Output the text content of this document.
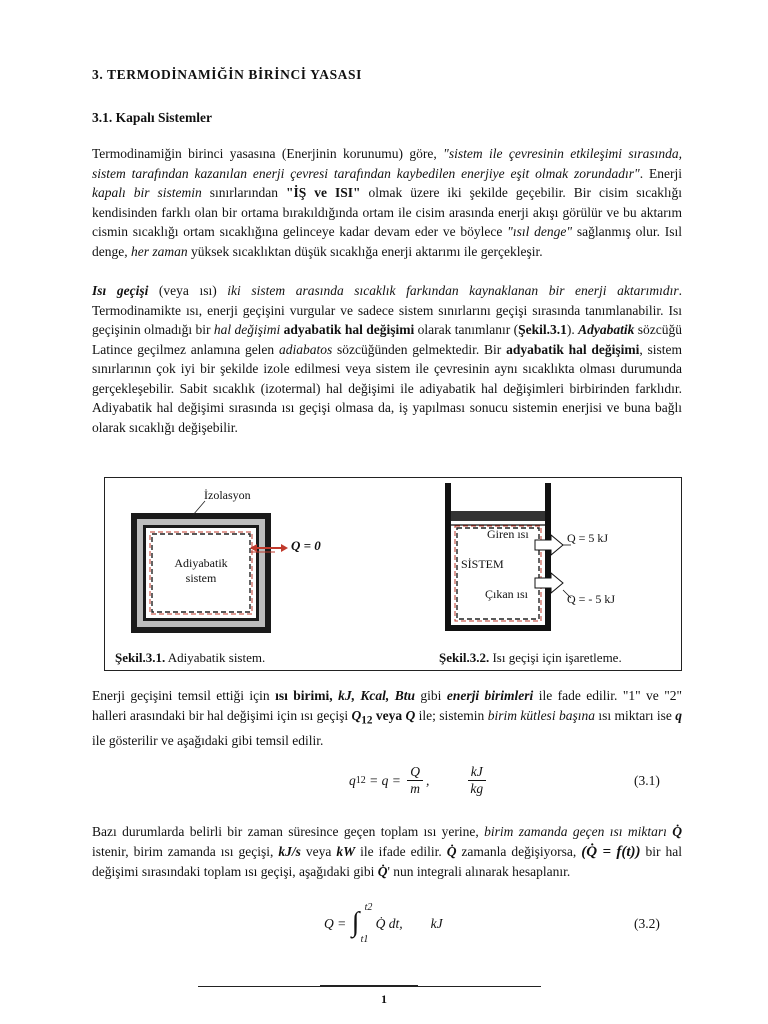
3. TERMODİNAMİĞİN BİRİNCİ YASASI
3.1. Kapalı Sistemler
Termodinamiğin birinci yasasına (Enerjinin korunumu) göre, "sistem ile çevresinin etkileşimi sırasında, sistem tarafından kazanılan enerji çevresi tarafından kaybedilen enerjiye eşit olmak zorundadır". Enerji kapalı bir sistemin sınırlarından "İŞ ve ISI" olmak üzere iki şekilde geçebilir. Bir cisim sıcaklığı kendisinden farklı olan bir ortama bırakıldığında ortam ile cisim arasında enerji akışı görülür ve bu aktarım cismin sıcaklığı ortam sıcaklığına gelinceye kadar devam eder ve böylece "ısıl denge" sağlanmış olur. Isıl denge, her zaman yüksek sıcaklıktan düşük sıcaklığa enerji aktarımı ile gerçekleşir.
Isı geçişi (veya ısı) iki sistem arasında sıcaklık farkından kaynaklanan bir enerji aktarımıdır. Termodinamikte ısı, enerji geçişini vurgular ve sadece sistem sınırlarını geçişi sırasında tanımlanabilir. Isı geçişinin olmadığı bir hal değişimi adyabatik hal değişimi olarak tanımlanır (Şekil.3.1). Adyabatik sözcüğü Latince geçilmez anlamına gelen adiabatos sözcüğünden gelmektedir. Bir adyabatik hal değişimi, sistem sınırlarının çok iyi bir şekilde izole edilmesi veya sistem ile çevresinin aynı sıcaklıkta olması durumunda gerçekleşebilir. Sabit sıcaklık (izotermal) hal değişimi ile adiyabatik hal değişimleri birbirinden farklıdır. Adiyabatik hal değişimi sırasında ısı geçişi olmasa da, iş yapılması sonucu sistemin enerjisi ve buna bağlı olarak sıcaklığı değişebilir.
İzolasyon
Adiyabatik
sistem
Q = 0
Giren ısı
SİSTEM
Çıkan ısı
Q = 5 kJ
Q = - 5 kJ
Şekil.3.1. Adiyabatik sistem.	Şekil.3.2. Isı geçişi için işaretleme.
Enerji geçişini temsil ettiği için ısı birimi, kJ, Kcal, Btu gibi enerji birimleri ile fade edilir. "1" ve "2" halleri arasındaki bir hal değişimi için ısı geçişi $Q_{12}$ veya Q ile; sistemin birim kütlesi başına ısı miktarı ise q ile gösterilir ve aşağıdaki gibi temsil edilir.
q $12 = q = \frac{Q}{m}$ ,	$\frac{kJ}{kg}$	(3.1)
Bazı durumlarda belirli bir zaman süresince geçen toplam ısı yerine, birim zamanda geçen ısı miktarı Q̇ istenir, birim zamanda ısı geçişi, kJ/s veya kW ile ifade edilir. Q̇ zamanla değişiyorsa, (Q̇ = f(t)) bir hal değişimi sırasındaki toplam ısı geçişi, aşağıdaki gibi Q̇' nun integrali alınarak hesaplanır.
Q = ∫ t2
t1
Q̇ dt, kJ	(3.2)
1
